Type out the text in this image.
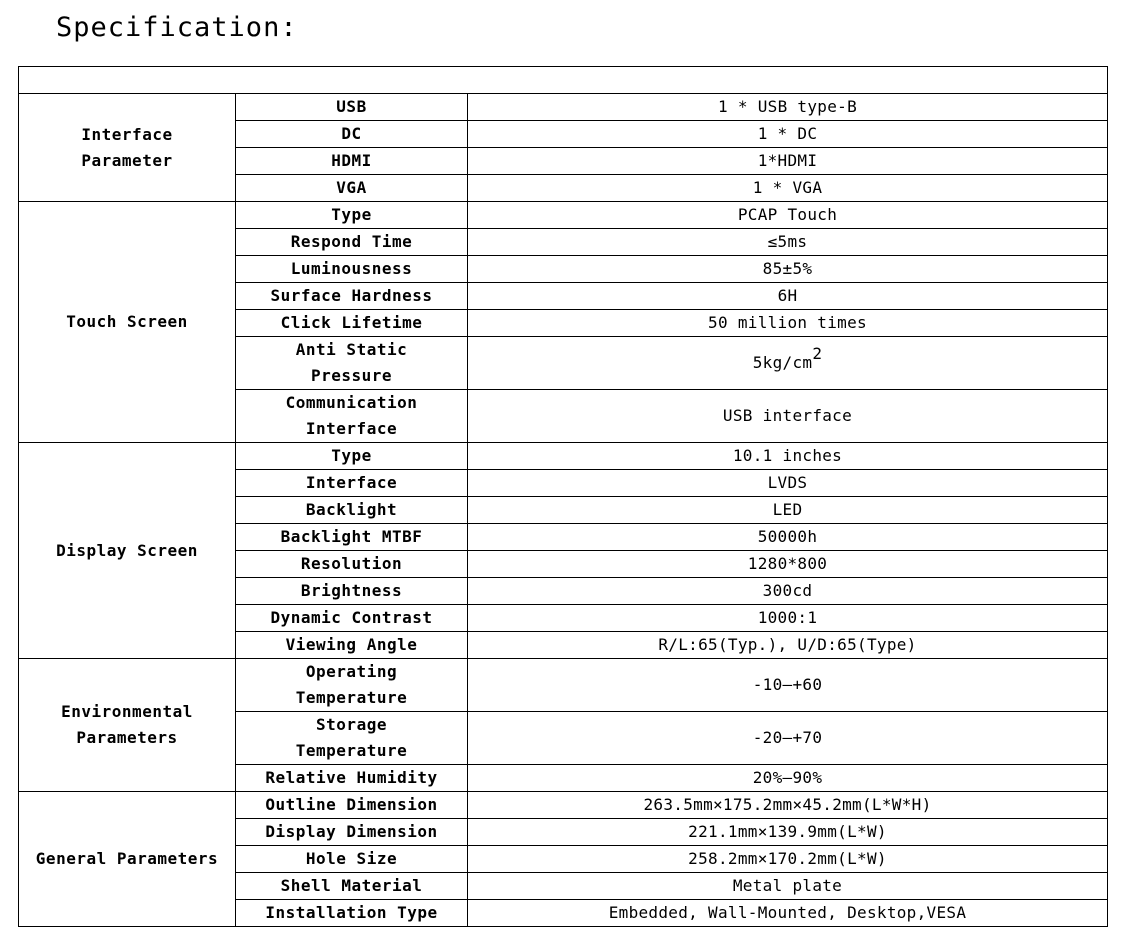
Specification:

Interface
Parameter	USB	1 * USB type-B
	DC	1 * DC
	HDMI	1*HDMI
	VGA	1 * VGA
Touch Screen	Type	PCAP Touch
	Respond Time	≤5ms
	Luminousness	85±5%
	Surface Hardness	6H
	Click Lifetime	50 million times
	Anti Static
Pressure	5kg/cm2
	Communication
Interface	USB interface
Display Screen	Type	10.1 inches
	Interface	LVDS
	Backlight	LED
	Backlight MTBF	50000h
	Resolution	1280*800
	Brightness	300cd
	Dynamic Contrast	1000:1
	Viewing Angle	R/L:65(Typ.), U/D:65(Type)
Environmental
Parameters	Operating
Temperature	-10—+60
	Storage
Temperature	-20—+70
	Relative Humidity	20%—90%
General Parameters	Outline Dimension	263.5mm×175.2mm×45.2mm(L*W*H)
	Display Dimension	221.1mm×139.9mm(L*W)
	Hole Size	258.2mm×170.2mm(L*W)
	Shell Material	Metal plate
	Installation Type	Embedded, Wall-Mounted, Desktop,VESA
